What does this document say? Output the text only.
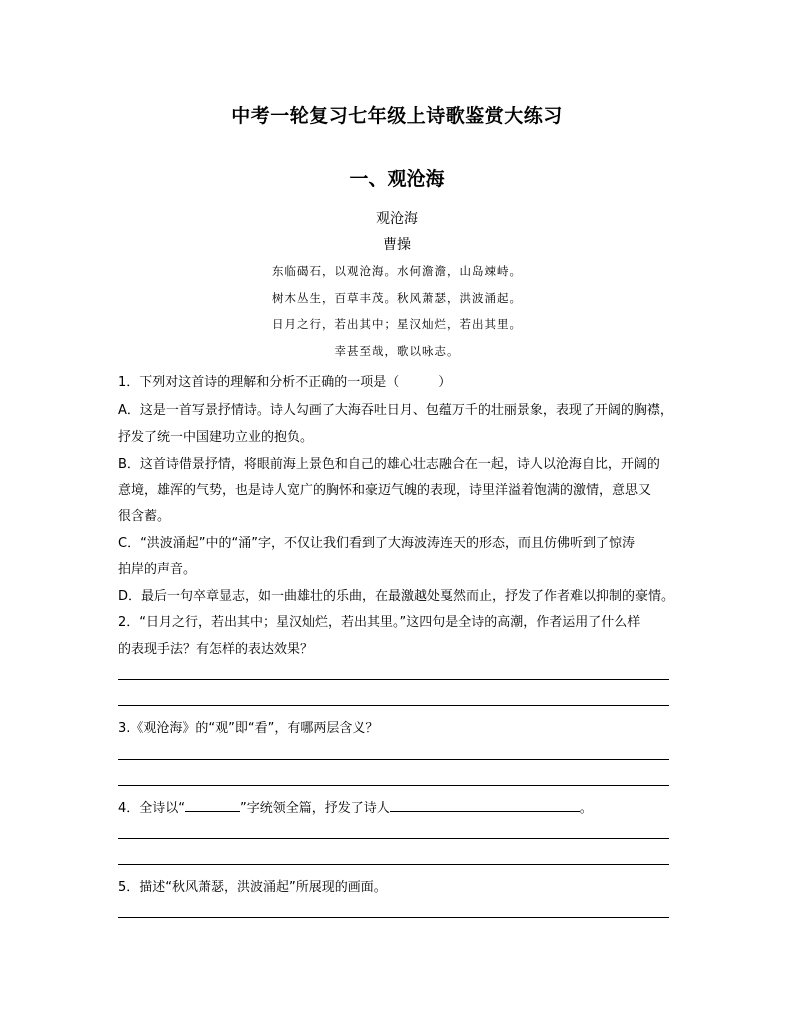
中考一轮复习七年级上诗歌鉴赏大练习
一、观沧海
观沧海
曹操
东临碣石，以观沧海。水何澹澹，山岛竦峙。
树木丛生，百草丰茂。秋风萧瑟，洪波涌起。
日月之行，若出其中；星汉灿烂，若出其里。
幸甚至哉，歌以咏志。
1．下列对这首诗的理解和分析不正确的一项是（　　　）
A．这是一首写景抒情诗。诗人勾画了大海吞吐日月、包蕴万千的壮丽景象，表现了开阔的胸襟，
抒发了统一中国建功立业的抱负。
B．这首诗借景抒情，将眼前海上景色和自己的雄心壮志融合在一起，诗人以沧海自比，开阔的
意境，雄浑的气势，也是诗人宽广的胸怀和豪迈气魄的表现，诗里洋溢着饱满的激情，意思又
很含蓄。
C．“洪波涌起”中的“涌”字，不仅让我们看到了大海波涛连天的形态，而且仿佛听到了惊涛
拍岸的声音。
D．最后一句卒章显志，如一曲雄壮的乐曲，在最激越处戛然而止，抒发了作者难以抑制的豪情。
2．“日月之行，若出其中；星汉灿烂，若出其里。”这四句是全诗的高潮，作者运用了什么样
的表现手法？有怎样的表达效果？
3.《观沧海》的“观”即“看”，有哪两层含义？
4．全诗以“	”字统领全篇，抒发了诗人	。
5．描述“秋风萧瑟，洪波涌起”所展现的画面。
